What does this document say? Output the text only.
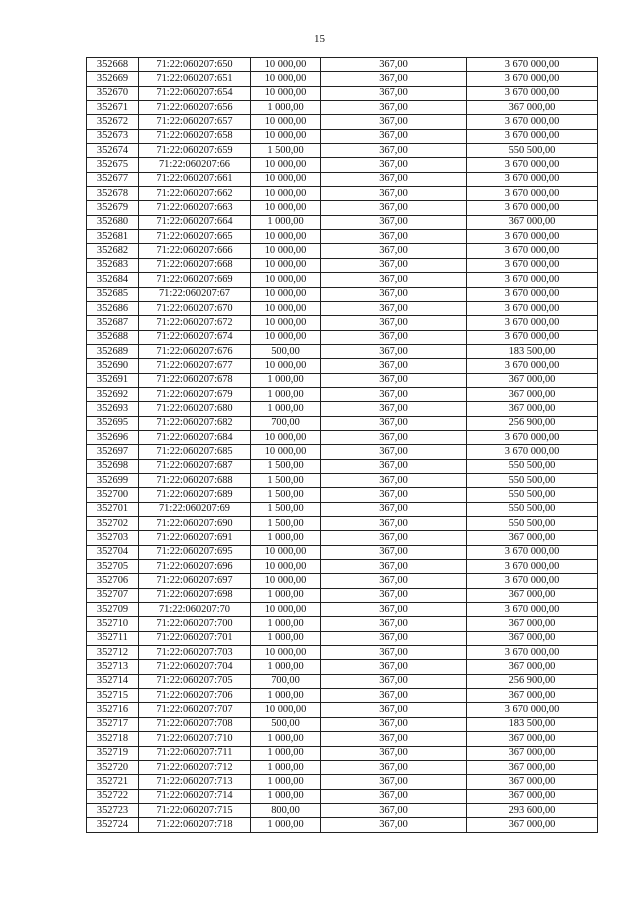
15
352668	71:22:060207:650	10 000,00	367,00	3 670 000,00
352669	71:22:060207:651	10 000,00	367,00	3 670 000,00
352670	71:22:060207:654	10 000,00	367,00	3 670 000,00
352671	71:22:060207:656	1 000,00	367,00	367 000,00
352672	71:22:060207:657	10 000,00	367,00	3 670 000,00
352673	71:22:060207:658	10 000,00	367,00	3 670 000,00
352674	71:22:060207:659	1 500,00	367,00	550 500,00
352675	71:22:060207:66	10 000,00	367,00	3 670 000,00
352677	71:22:060207:661	10 000,00	367,00	3 670 000,00
352678	71:22:060207:662	10 000,00	367,00	3 670 000,00
352679	71:22:060207:663	10 000,00	367,00	3 670 000,00
352680	71:22:060207:664	1 000,00	367,00	367 000,00
352681	71:22:060207:665	10 000,00	367,00	3 670 000,00
352682	71:22:060207:666	10 000,00	367,00	3 670 000,00
352683	71:22:060207:668	10 000,00	367,00	3 670 000,00
352684	71:22:060207:669	10 000,00	367,00	3 670 000,00
352685	71:22:060207:67	10 000,00	367,00	3 670 000,00
352686	71:22:060207:670	10 000,00	367,00	3 670 000,00
352687	71:22:060207:672	10 000,00	367,00	3 670 000,00
352688	71:22:060207:674	10 000,00	367,00	3 670 000,00
352689	71:22:060207:676	500,00	367,00	183 500,00
352690	71:22:060207:677	10 000,00	367,00	3 670 000,00
352691	71:22:060207:678	1 000,00	367,00	367 000,00
352692	71:22:060207:679	1 000,00	367,00	367 000,00
352693	71:22:060207:680	1 000,00	367,00	367 000,00
352695	71:22:060207:682	700,00	367,00	256 900,00
352696	71:22:060207:684	10 000,00	367,00	3 670 000,00
352697	71:22:060207:685	10 000,00	367,00	3 670 000,00
352698	71:22:060207:687	1 500,00	367,00	550 500,00
352699	71:22:060207:688	1 500,00	367,00	550 500,00
352700	71:22:060207:689	1 500,00	367,00	550 500,00
352701	71:22:060207:69	1 500,00	367,00	550 500,00
352702	71:22:060207:690	1 500,00	367,00	550 500,00
352703	71:22:060207:691	1 000,00	367,00	367 000,00
352704	71:22:060207:695	10 000,00	367,00	3 670 000,00
352705	71:22:060207:696	10 000,00	367,00	3 670 000,00
352706	71:22:060207:697	10 000,00	367,00	3 670 000,00
352707	71:22:060207:698	1 000,00	367,00	367 000,00
352709	71:22:060207:70	10 000,00	367,00	3 670 000,00
352710	71:22:060207:700	1 000,00	367,00	367 000,00
352711	71:22:060207:701	1 000,00	367,00	367 000,00
352712	71:22:060207:703	10 000,00	367,00	3 670 000,00
352713	71:22:060207:704	1 000,00	367,00	367 000,00
352714	71:22:060207:705	700,00	367,00	256 900,00
352715	71:22:060207:706	1 000,00	367,00	367 000,00
352716	71:22:060207:707	10 000,00	367,00	3 670 000,00
352717	71:22:060207:708	500,00	367,00	183 500,00
352718	71:22:060207:710	1 000,00	367,00	367 000,00
352719	71:22:060207:711	1 000,00	367,00	367 000,00
352720	71:22:060207:712	1 000,00	367,00	367 000,00
352721	71:22:060207:713	1 000,00	367,00	367 000,00
352722	71:22:060207:714	1 000,00	367,00	367 000,00
352723	71:22:060207:715	800,00	367,00	293 600,00
352724	71:22:060207:718	1 000,00	367,00	367 000,00
